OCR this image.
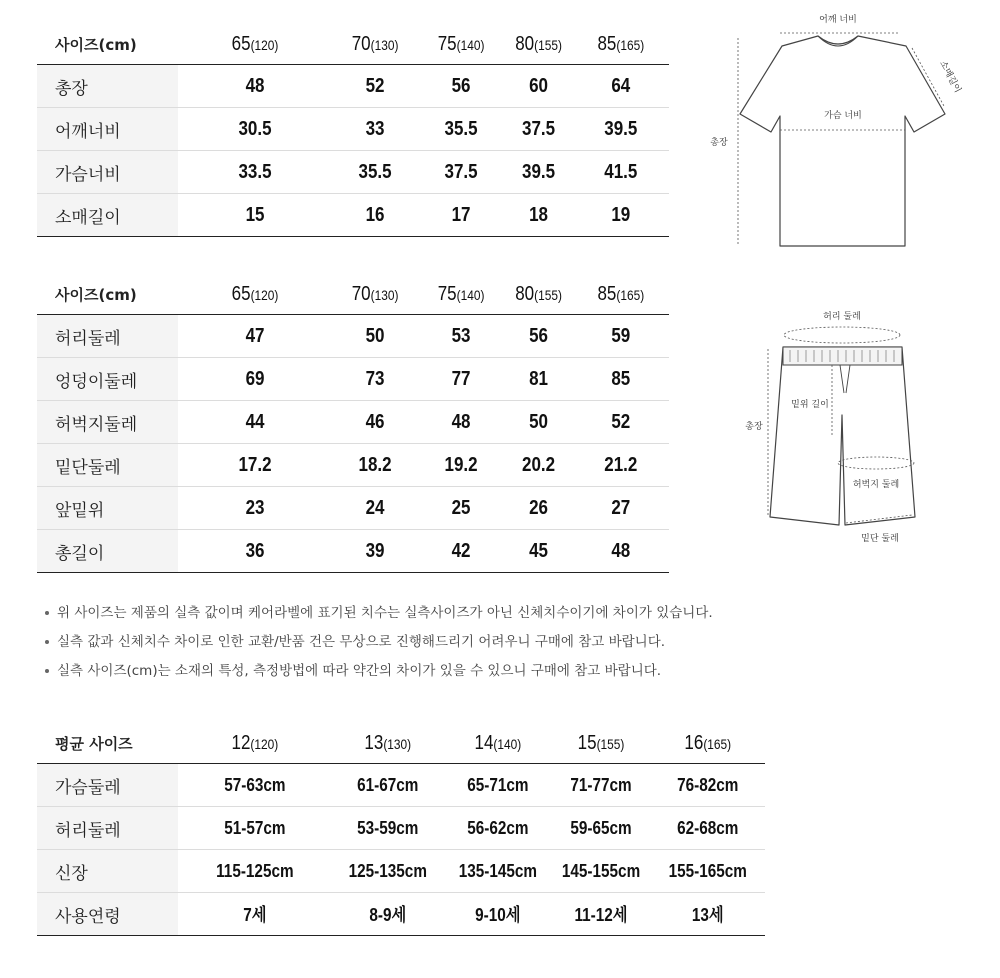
사이즈(cm)	65(120)	70(130)	75(140)	80(155)	85(165)
총장	48	52	56	60	64
어깨너비	30.5	33	35.5	37.5	39.5
가슴너비	33.5	35.5	37.5	39.5	41.5
소매길이	15	16	17	18	19
사이즈(cm)	65(120)	70(130)	75(140)	80(155)	85(165)
허리둘레	47	50	53	56	59
엉덩이둘레	69	73	77	81	85
허벅지둘레	44	46	48	50	52
밑단둘레	17.2	18.2	19.2	20.2	21.2
앞밑위	23	24	25	26	27
총길이	36	39	42	45	48
위 사이즈는 제품의 실측 값이며 케어라벨에 표기된 치수는 실측사이즈가 아닌 신체치수이기에 차이가 있습니다.
실측 값과 신체치수 차이로 인한 교환/반품 건은 무상으로 진행해드리기 어려우니 구매에 참고 바랍니다.
실측 사이즈(cm)는 소재의 특성, 측정방법에 따라 약간의 차이가 있을 수 있으니 구매에 참고 바랍니다.
평균 사이즈	12(120)	13(130)	14(140)	15(155)	16(165)
가슴둘레	57-63cm	61-67cm	65-71cm	71-77cm	76-82cm
허리둘레	51-57cm	53-59cm	56-62cm	59-65cm	62-68cm
신장	115-125cm	125-135cm	135-145cm	145-155cm	155-165cm
사용연령	7세	8-9세	9-10세	11-12세	13세
어깨 너비
가슴 너비
총장
소매길이
허리 둘레
밑위 길이
총장
허벅지 둘레
밑단 둘레
